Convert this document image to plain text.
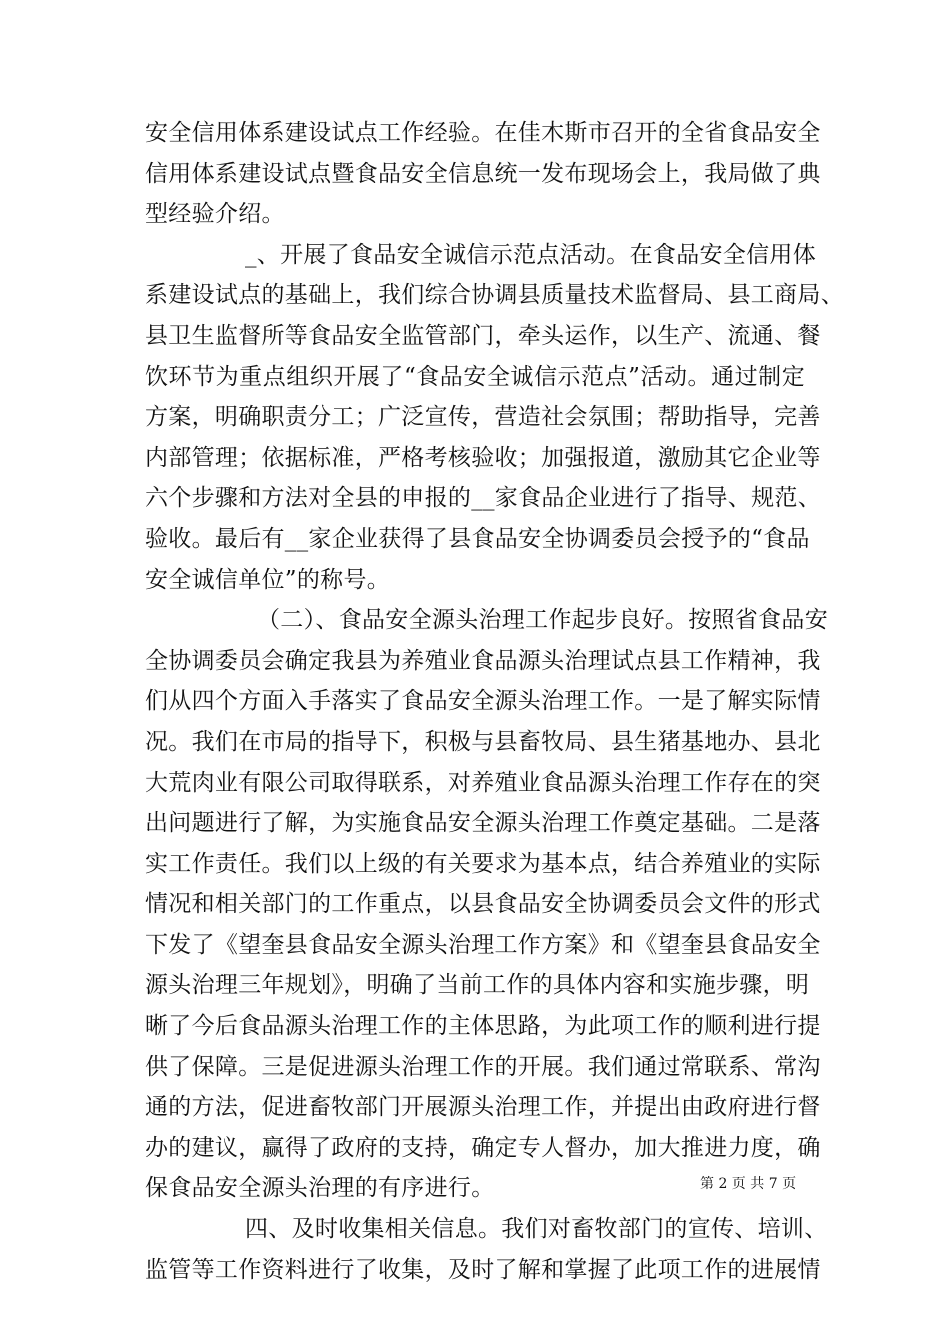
安全信用体系建设试点工作经验。在佳木斯市召开的全省食品安全
信用体系建设试点暨食品安全信息统一发布现场会上，我局做了典
型经验介绍。
_、开展了食品安全诚信示范点活动。在食品安全信用体
系建设试点的基础上，我们综合协调县质量技术监督局、县工商局、
县卫生监督所等食品安全监管部门，牵头运作，以生产、流通、餐
饮环节为重点组织开展了“食品安全诚信示范点”活动。通过制定
方案，明确职责分工；广泛宣传，营造社会氛围；帮助指导，完善
内部管理；依据标准，严格考核验收；加强报道，激励其它企业等
六个步骤和方法对全县的申报的__家食品企业进行了指导、规范、
验收。最后有__家企业获得了县食品安全协调委员会授予的“食品
安全诚信单位”的称号。
（二）、食品安全源头治理工作起步良好。按照省食品安
全协调委员会确定我县为养殖业食品源头治理试点县工作精神，我
们从四个方面入手落实了食品安全源头治理工作。一是了解实际情
况。我们在市局的指导下，积极与县畜牧局、县生猪基地办、县北
大荒肉业有限公司取得联系，对养殖业食品源头治理工作存在的突
出问题进行了解，为实施食品安全源头治理工作奠定基础。二是落
实工作责任。我们以上级的有关要求为基本点，结合养殖业的实际
情况和相关部门的工作重点，以县食品安全协调委员会文件的形式
下发了《望奎县食品安全源头治理工作方案》和《望奎县食品安全
源头治理三年规划》，明确了当前工作的具体内容和实施步骤，明
晰了今后食品源头治理工作的主体思路，为此项工作的顺利进行提
供了保障。三是促进源头治理工作的开展。我们通过常联系、常沟
通的方法，促进畜牧部门开展源头治理工作，并提出由政府进行督
办的建议，赢得了政府的支持，确定专人督办，加大推进力度，确
保食品安全源头治理的有序进行。
四、及时收集相关信息。我们对畜牧部门的宣传、培训、
监管等工作资料进行了收集，及时了解和掌握了此项工作的进展情
第 2 页 共 7 页
